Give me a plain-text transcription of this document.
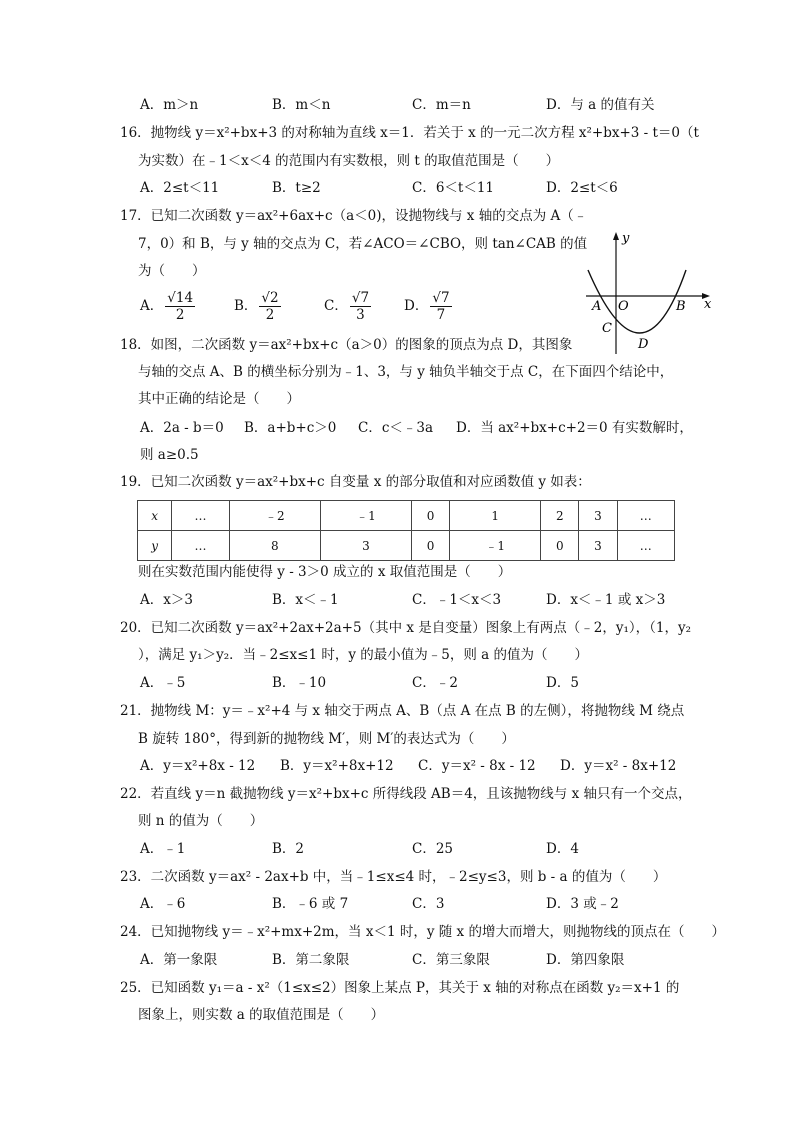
A．m＞n	B．m＜n	C．m＝n	D．与 a 的值有关
16．抛物线 y＝x²+bx+3 的对称轴为直线 x＝1．若关于 x 的一元二次方程 x²+bx+3 - t＝0（t
为实数）在﹣1＜x＜4 的范围内有实数根，则 t 的取值范围是（　　）
A．2≤t＜11	B．t≥2	C．6＜t＜11	D．2≤t＜6
17．已知二次函数 y＝ax²+6ax+c（a＜0)，设抛物线与 x 轴的交点为 A（﹣
7，0）和 B，与 y 轴的交点为 C，若∠ACO＝∠CBO，则 tan∠CAB 的值
为（　　）
A． $\frac{√14}{2}$	B． $\frac{√2}{2}$	C． $\frac{√7}{3}$ D． $\frac{√7}{7}$
y
x
A O	B
C
D
18．如图，二次函数 y＝ax²+bx+c（a＞0）的图象的顶点为点 D，其图象
与轴的交点 A、B 的横坐标分别为﹣1、3，与 y 轴负半轴交于点 C，在下面四个结论中，
其中正确的结论是（　　）
A．2a - b＝0 B．a+b+c＞0 C．c＜﹣3a D．当 ax²+bx+c+2＝0 有实数解时，
则 a≥0.5
19．已知二次函数 y＝ax²+bx+c 自变量 x 的部分取值和对应函数值 y 如表：
x	…	﹣2	﹣1	0	1	2	3	…
y	…	8	3	0	﹣1	0	3	…
则在实数范围内能使得 y - 3＞0 成立的 x 取值范围是（　　）
A．x＞3	B．x＜﹣1	C．﹣1＜x＜3	D．x＜﹣1 或 x＞3
20．已知二次函数 y＝ax²+2ax+2a+5（其中 x 是自变量）图象上有两点（﹣2，y₁），（1，y₂
），满足 y₁＞y₂．当﹣2≤x≤1 时，y 的最小值为﹣5，则 a 的值为（　　）
A．﹣5	B．﹣10	C．﹣2	D．5
21．抛物线 M：y＝﹣x²+4 与 x 轴交于两点 A、B（点 A 在点 B 的左侧），将抛物线 M 绕点
B 旋转 180°，得到新的抛物线 M′，则 M′的表达式为（　　）
A．y＝x²+8x - 12 B．y＝x²+8x+12 C．y＝x² - 8x - 12 D．y＝x² - 8x+12
22．若直线 y＝n 截抛物线 y＝x²+bx+c 所得线段 AB＝4，且该抛物线与 x 轴只有一个交点，
则 n 的值为（　　）
A．﹣1	B．2	C．25	D．4
23．二次函数 y＝ax² - 2ax+b 中，当﹣1≤x≤4 时，﹣2≤y≤3，则 b - a 的值为（　　）
A．﹣6	B．﹣6 或 7	C．3	D．3 或﹣2
24．已知抛物线 y＝﹣x²+mx+2m，当 x＜1 时，y 随 x 的增大而增大，则抛物线的顶点在（　　）
A．第一象限	B．第二象限	C．第三象限	D．第四象限
25．已知函数 y₁＝a - x²（1≤x≤2）图象上某点 P，其关于 x 轴的对称点在函数 y₂＝x+1 的
图象上，则实数 a 的取值范围是（　　）
